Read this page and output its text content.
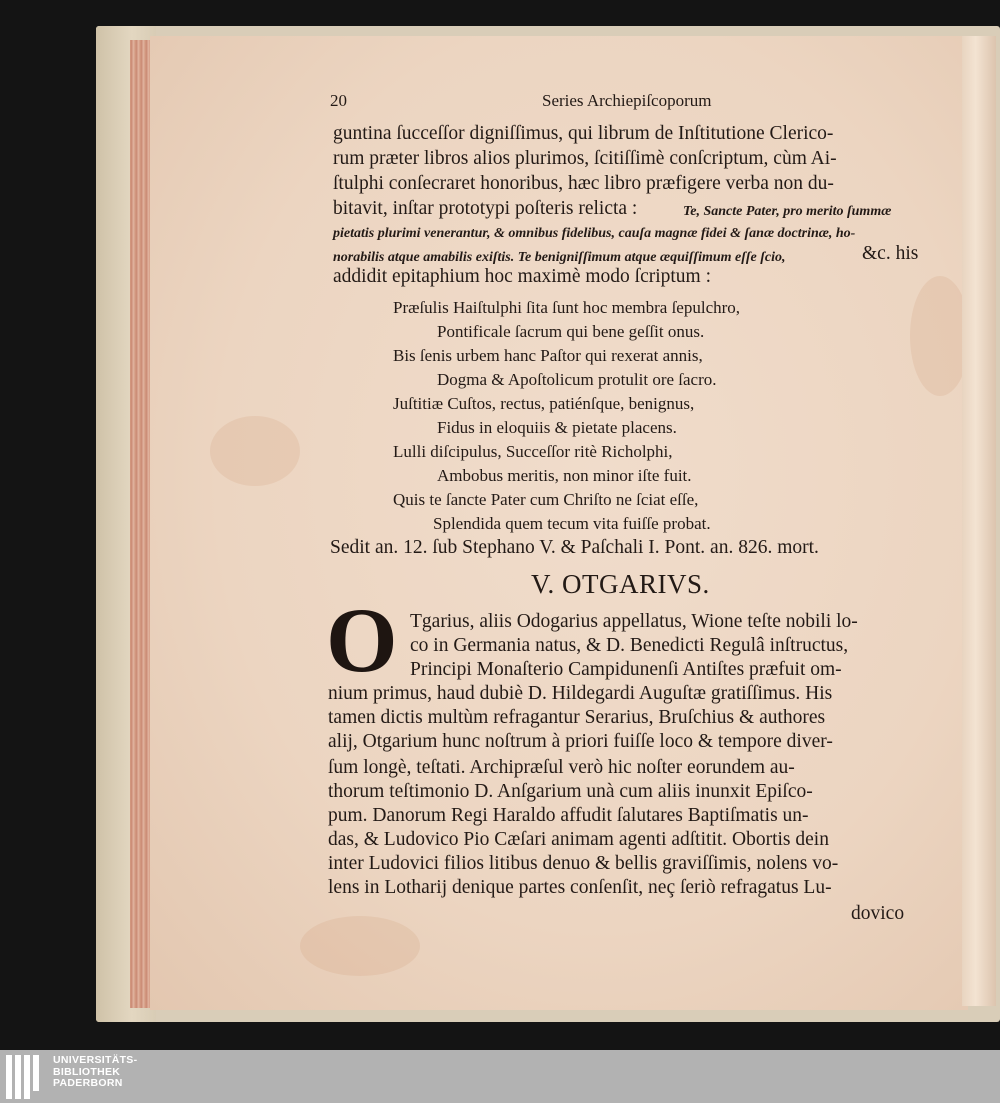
20	Series Archiepiſcoporum

guntina ſucceſſor digniſſimus, qui librum de Inſtitutione Clerico-

rum præter libros alios plurimos, ſcitiſſimè conſcriptum, cùm Ai-

ſtulphi conſecraret honoribus, hæc libro præfigere verba non du-

bitavit, inſtar prototypi poſteris relicta :	Te, Sancte Pater, pro merito ſummæ

pietatis plurimi venerantur, & omnibus fidelibus, cauſa magnæ fidei & ſanæ doctrinæ, ho-

norabilis atque amabilis exiſtis. Te benigniſſimum atque æquiſſimum eſſe ſcio,	&c. his

addidit epitaphium hoc maximè modo ſcriptum :

Præſulis Haiſtulphi ſita ſunt hoc membra ſepulchro,

Pontificale ſacrum qui bene geſſit onus.

Bis ſenis urbem hanc Paſtor qui rexerat annis,

Dogma & Apoſtolicum protulit ore ſacro.

Juſtitiæ Cuſtos, rectus, patiénſque, benignus,

Fidus in eloquiis & pietate placens.

Lulli diſcipulus, Succeſſor ritè Richolphi,

Ambobus meritis, non minor iſte fuit.

Quis te ſancte Pater cum Chriſto ne ſciat eſſe,

Splendida quem tecum vita fuiſſe probat.

Sedit an. 12. ſub Stephano V. & Paſchali I. Pont. an. 826. mort.

V. OTGARIVS.
O Tgarius, aliis Odogarius appellatus, Wione teſte nobili lo-

co in Germania natus, & D. Benedicti Regulâ inſtructus,

Principi Monaſterio Campidunenſi Antiſtes præfuit om-

nium primus, haud dubiè D. Hildegardi Auguſtæ gratiſſimus. His

tamen dictis multùm refragantur Serarius, Bruſchius & authores

alij, Otgarium hunc noſtrum à priori fuiſſe loco & tempore diver-

ſum longè, teſtati. Archipræſul verò hic noſter eorundem au-

thorum teſtimonio D. Anſgarium unà cum aliis inunxit Epiſco-

pum. Danorum Regi Haraldo affudit ſalutares Baptiſmatis un-

das, & Ludovico Pio Cæſari animam agenti adſtitit. Obortis dein

inter Ludovici filios litibus denuo & bellis graviſſimis, nolens vo-

lens in Lotharij denique partes conſenſit, neç ſeriò refragatus Lu-

dovico

UNIVERSITÄTS-
BIBLIOTHEK
PADERBORN
